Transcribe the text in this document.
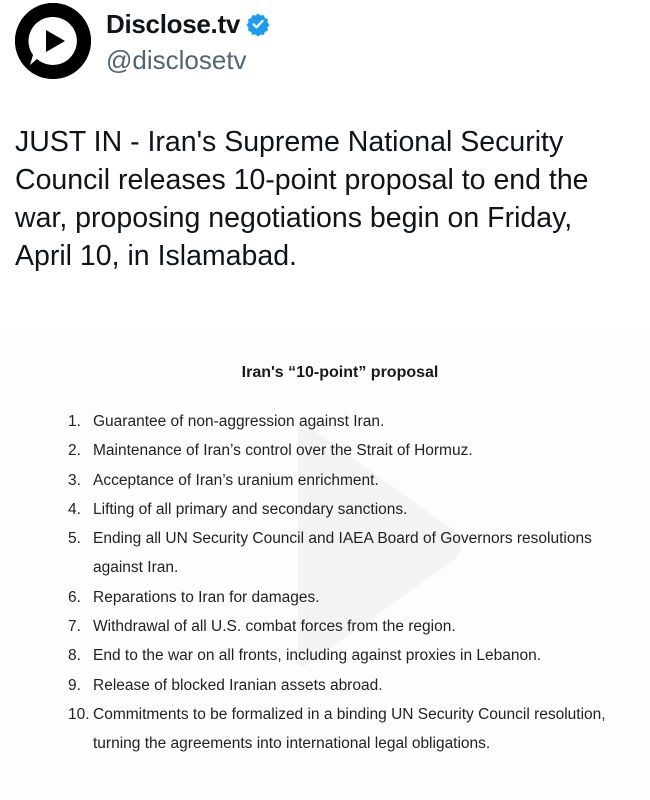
Disclose.tv
@disclosetv

JUST IN - Iran's Supreme National Security Council releases 10-point proposal to end the war, proposing negotiations begin on Friday, April 10, in Islamabad.

Iran's “10-point” proposal
1. Guarantee of non-aggression against Iran.
2. Maintenance of Iran’s control over the Strait of Hormuz.
3. Acceptance of Iran’s uranium enrichment.
4. Lifting of all primary and secondary sanctions.
5. Ending all UN Security Council and IAEA Board of Governors resolutions against Iran.
6. Reparations to Iran for damages.
7. Withdrawal of all U.S. combat forces from the region.
8. End to the war on all fronts, including against proxies in Lebanon.
9. Release of blocked Iranian assets abroad.
10. Commitments to be formalized in a binding UN Security Council resolution, turning the agreements into international legal obligations.
